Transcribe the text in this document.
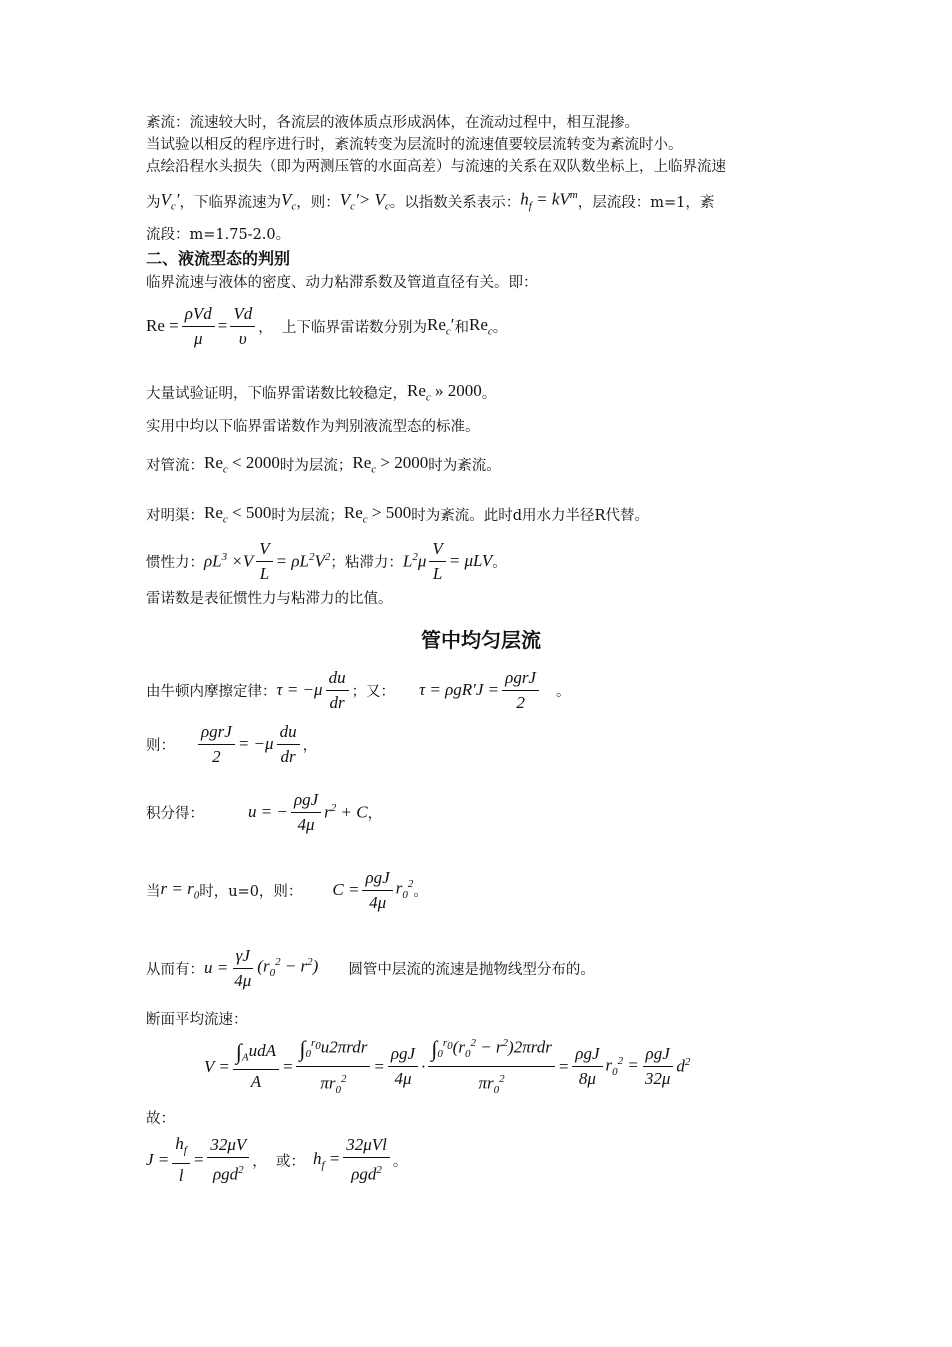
紊流：流速较大时，各流层的液体质点形成涡体，在流动过程中，相互混掺。

当试验以相反的程序进行时，紊流转变为层流时的流速值要较层流转变为紊流时小。

点绘沿程水头损失（即为两测压管的水面高差）与流速的关系在双队数坐标上，上临界流速

为 $V_c'$ ，下临界流速为 $V_c$ ，则： $V_c'> V_c$ 。以指数关系表示： $h_f = kV^m$ ，层流段：m=1，紊

流段：m=1.75-2.0。

二、液流型态的判别

临界流速与液体的密度、动力粘滞系数及管道直径有关。即：

$Re = \frac{\text{ρVd}}{\mu} = \frac{Vd}{\upsilon}$ ， 上下临界雷诺数分别为 $Re_c'$ 和 $Re_c$ 。
大量试验证明，下临界雷诺数比较稳定， $Re_c$ » 2000 。

实用中均以下临界雷诺数作为判别液流型态的标准。

对管流： $Re_c < 2000$ 时为层流； $Re_c > 2000$ 时为紊流。
对明渠： $Re_c < 500$ 时为层流； $Re_c > 500$ 时为紊流。此时d用水力半径R代替。
惯性力： $\rho L^3 \times V \frac{V}{L} = \rho L^2V^2$ ；粘滞力： $L^2\mu \frac{V}{L} = \mu LV$ 。

雷诺数是表征惯性力与粘滞力的比值。

管中均匀层流

由牛顿内摩擦定律： $\tau = -\mu \frac{du}{dr}$ ；又： $\tau = \rho gR'J = \frac{\text{ρgrJ}}{2}$ 。
则： $\frac{\text{ρgrJ}}{2} = -\mu \frac{du}{dr}$ ，
积分得：	u = − $\frac{\text{ρgJ}}{4\mu} r^2 + C$ ，
当 $r = r_0$ 时，u=0，则： $C = \frac{\text{ρgJ}}{4\mu} r_0^2$ 。
从而有： $u = \frac{\gamma J}{4\mu} (r_0^2 - r^2)$ 圆管中层流的流速是抛物线型分布的。

断面平均流速：

$V = \frac{\int_AudA}{A} = \frac{\int_0^{r_0}u2\pi rdr}{\pi r_0^2} = \frac{\text{ρgJ}}{4\mu} \cdot \frac{\int_0^{r_0}(r_0^2 - r^2)2\pi rdr}{\pi r_0^2} = \frac{\text{ρgJ}}{8\mu} r_0^2 = \frac{\text{ρgJ}}{32\mu} d^2$

故：

$J = \frac{h_f}{l} = \frac{32\mu V}{\rho gd^2}$ ， 或： $h_f = \frac{\text{32μVl}}{\rho gd^2}$ 。
